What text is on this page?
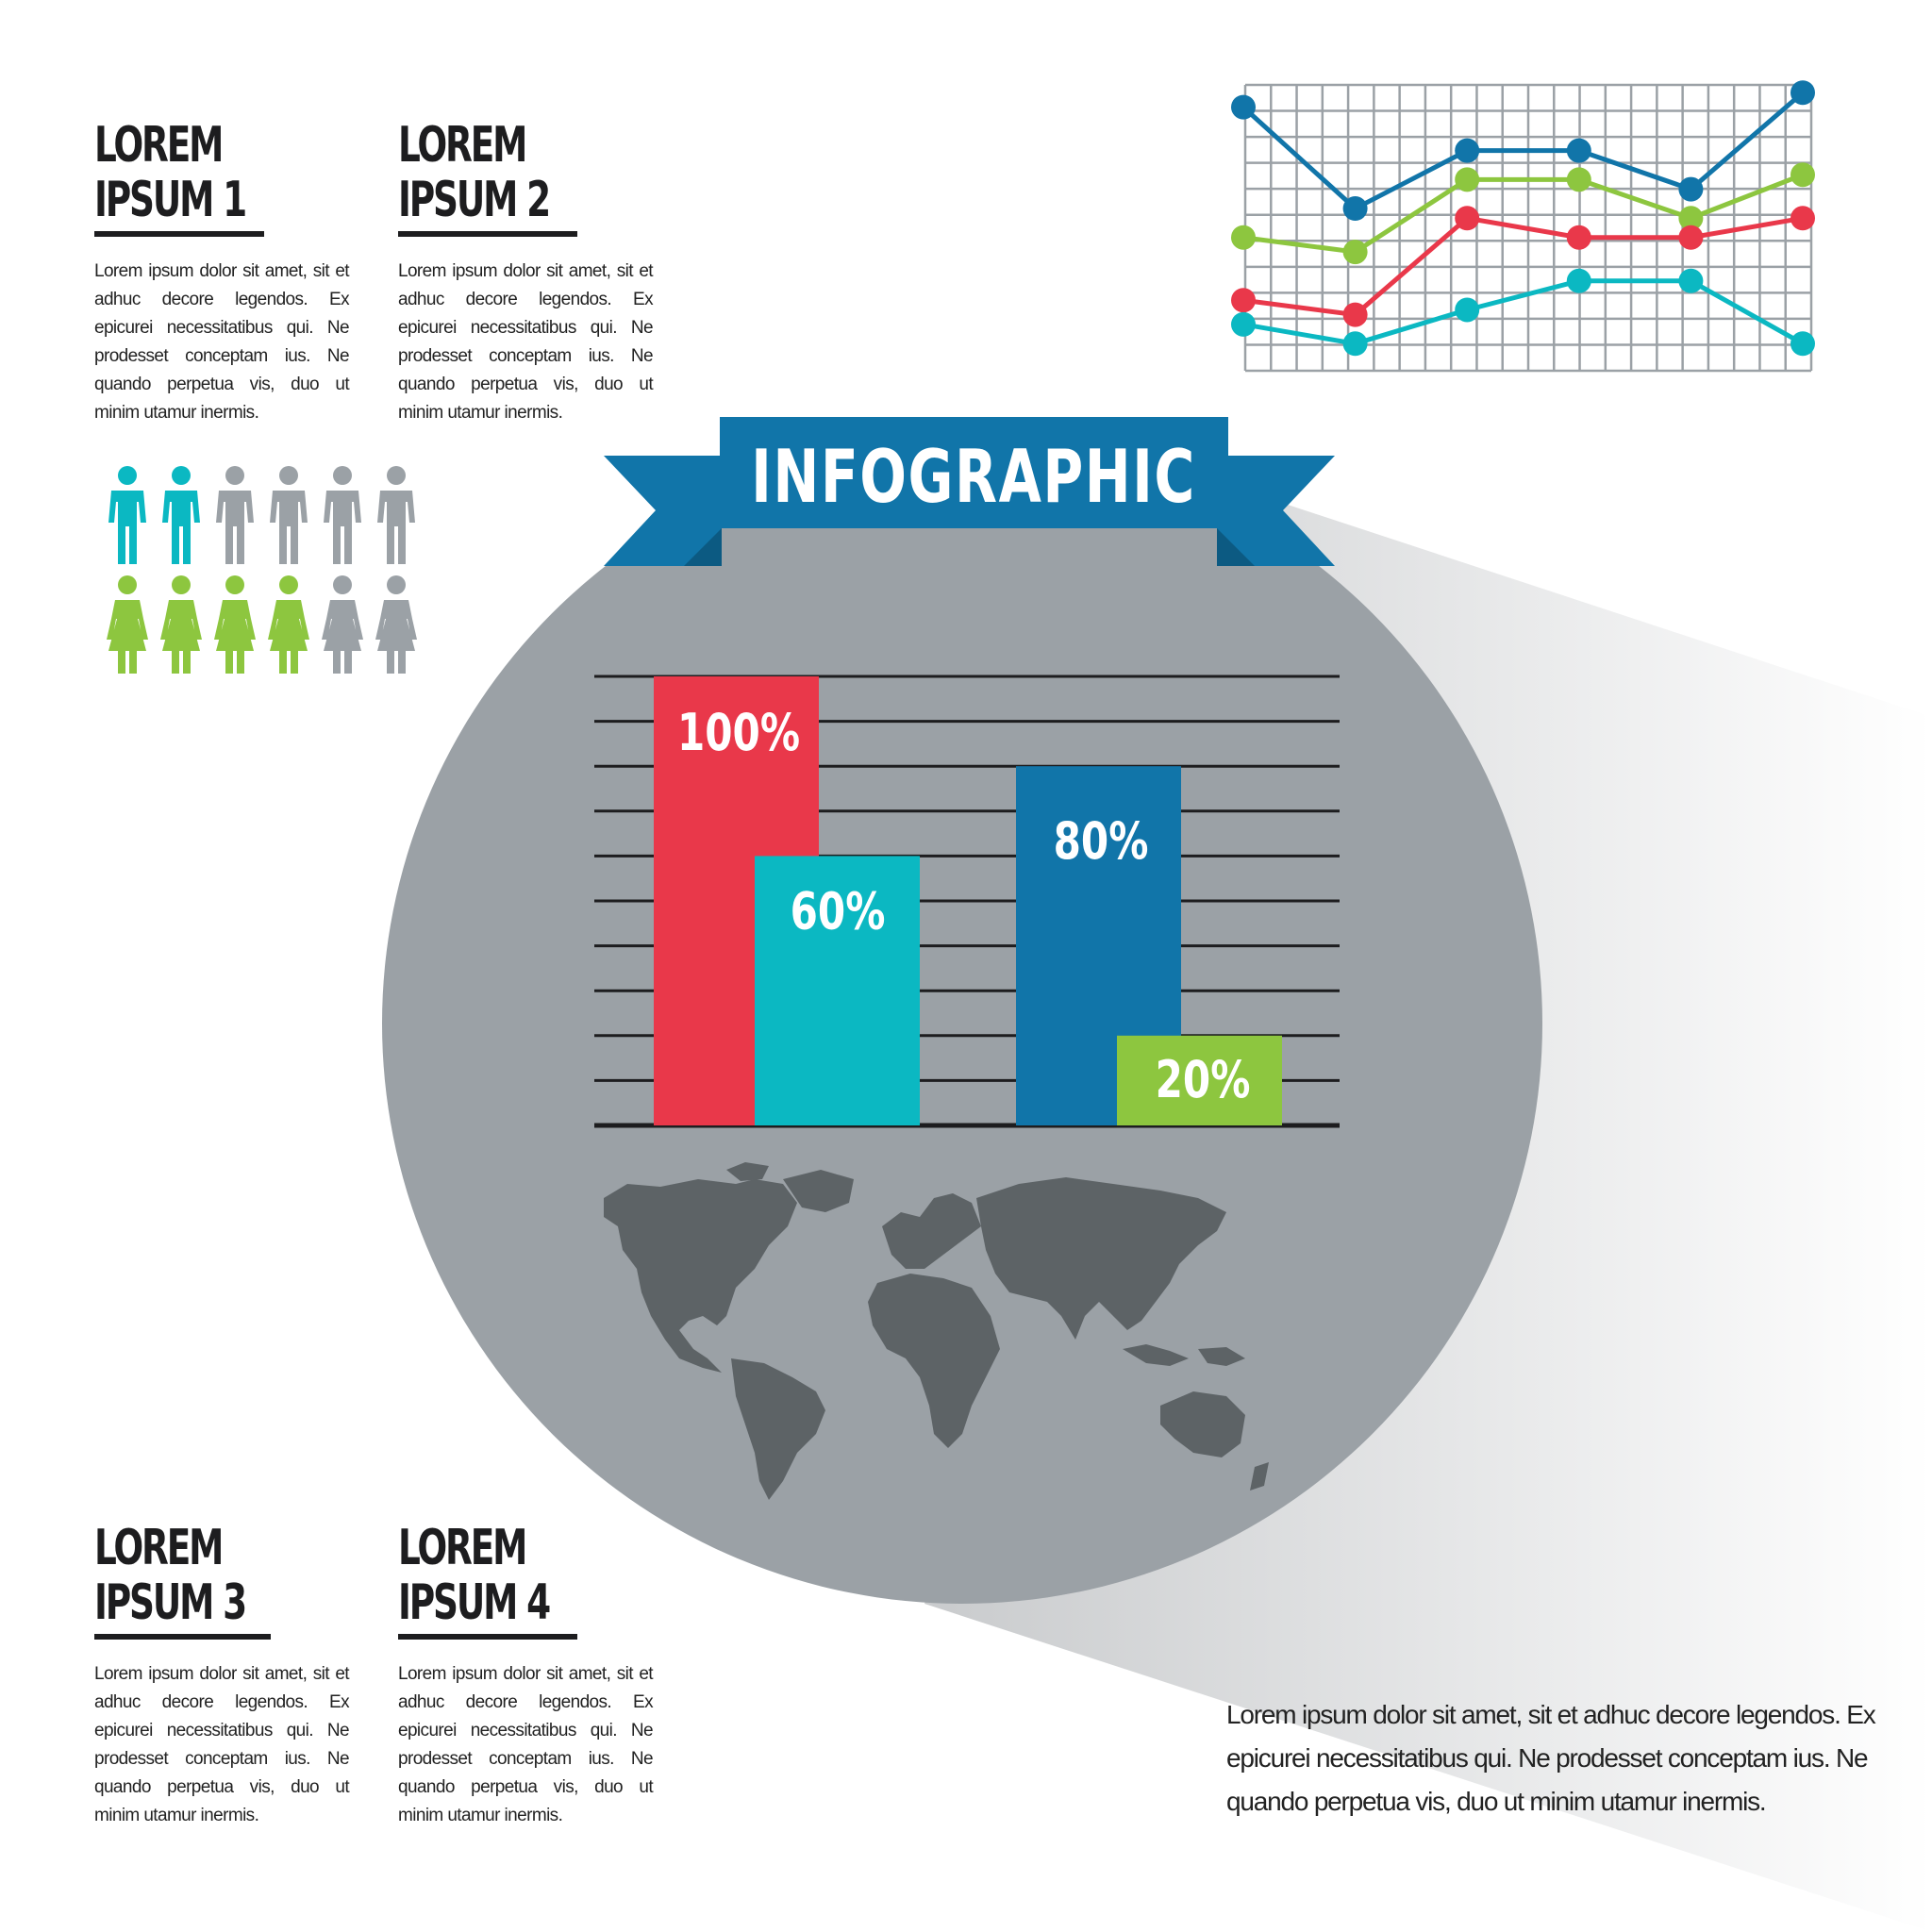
100%
60%
80%
20%
INFOGRAPHIC
LOREM
IPSUM 1
Lorem ipsum dolor sit amet, sit et adhuc decore legendos. Ex epicurei necessitatibus qui. Ne prodesset conceptam ius. Ne quando perpetua vis, duo ut minim utamur inermis.
LOREM
IPSUM 2
Lorem ipsum dolor sit amet, sit et adhuc decore legendos. Ex epicurei necessitatibus qui. Ne prodesset conceptam ius. Ne quando perpetua vis, duo ut minim utamur inermis.
LOREM
IPSUM 3
Lorem ipsum dolor sit amet, sit et adhuc decore legendos. Ex epicurei necessitatibus qui. Ne prodesset conceptam ius. Ne quando perpetua vis, duo ut minim utamur inermis.
LOREM
IPSUM 4
Lorem ipsum dolor sit amet, sit et adhuc decore legendos. Ex epicurei necessitatibus qui. Ne prodesset conceptam ius. Ne quando perpetua vis, duo ut minim utamur inermis.
Lorem ipsum dolor sit amet, sit et adhuc decore legendos. Ex epicurei necessitatibus qui. Ne prodesset conceptam ius. Ne quando perpetua vis, duo ut minim utamur inermis.
